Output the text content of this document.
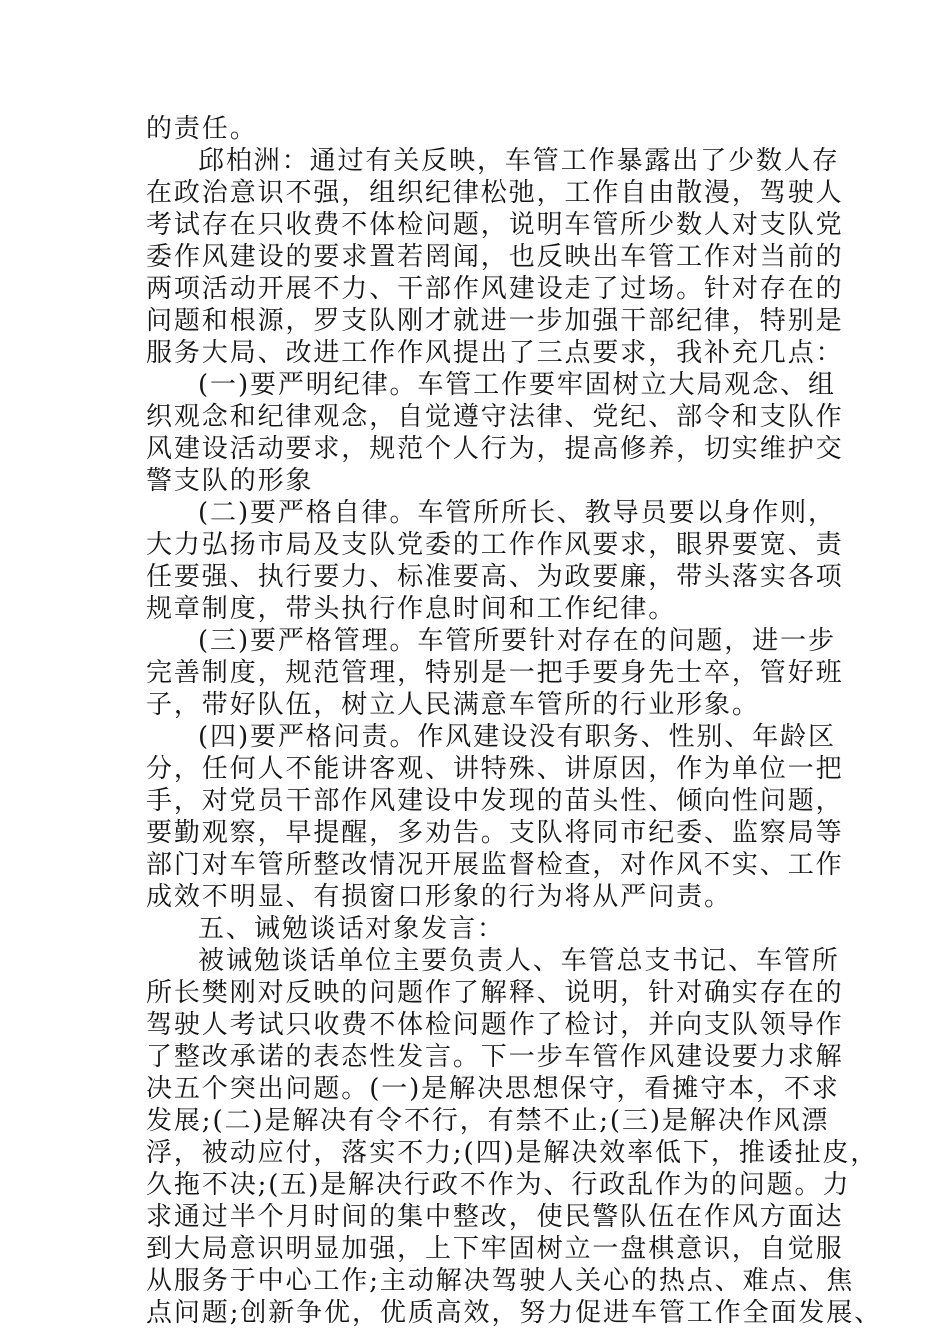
的责任。
邱柏洲：通过有关反映，车管工作暴露出了少数人存
在政治意识不强，组织纪律松弛，工作自由散漫，驾驶人
考试存在只收费不体检问题，说明车管所少数人对支队党
委作风建设的要求置若罔闻，也反映出车管工作对当前的
两项活动开展不力、干部作风建设走了过场。针对存在的
问题和根源，罗支队刚才就进一步加强干部纪律，特别是
服务大局、改进工作作风提出了三点要求，我补充几点：
(一)要严明纪律。车管工作要牢固树立大局观念、组
织观念和纪律观念，自觉遵守法律、党纪、部令和支队作
风建设活动要求，规范个人行为，提高修养，切实维护交
警支队的形象
(二)要严格自律。车管所所长、教导员要以身作则，
大力弘扬市局及支队党委的工作作风要求，眼界要宽、责
任要强、执行要力、标准要高、为政要廉，带头落实各项
规章制度，带头执行作息时间和工作纪律。
(三)要严格管理。车管所要针对存在的问题，进一步
完善制度，规范管理，特别是一把手要身先士卒，管好班
子，带好队伍，树立人民满意车管所的行业形象。
(四)要严格问责。作风建设没有职务、性别、年龄区
分，任何人不能讲客观、讲特殊、讲原因，作为单位一把
手，对党员干部作风建设中发现的苗头性、倾向性问题，
要勤观察，早提醒，多劝告。支队将同市纪委、监察局等
部门对车管所整改情况开展监督检查，对作风不实、工作
成效不明显、有损窗口形象的行为将从严问责。
五、诫勉谈话对象发言：
被诫勉谈话单位主要负责人、车管总支书记、车管所
所长樊刚对反映的问题作了解释、说明，针对确实存在的
驾驶人考试只收费不体检问题作了检讨，并向支队领导作
了整改承诺的表态性发言。下一步车管作风建设要力求解
决五个突出问题。(一)是解决思想保守，看摊守本，不求
发展;(二)是解决有令不行，有禁不止;(三)是解决作风漂
浮，被动应付，落实不力;(四)是解决效率低下，推诿扯皮，
久拖不决;(五)是解决行政不作为、行政乱作为的问题。力
求通过半个月时间的集中整改，使民警队伍在作风方面达
到大局意识明显加强，上下牢固树立一盘棋意识，自觉服
从服务于中心工作;主动解决驾驶人关心的热点、难点、焦
点问题;创新争优，优质高效，努力促进车管工作全面发展、
